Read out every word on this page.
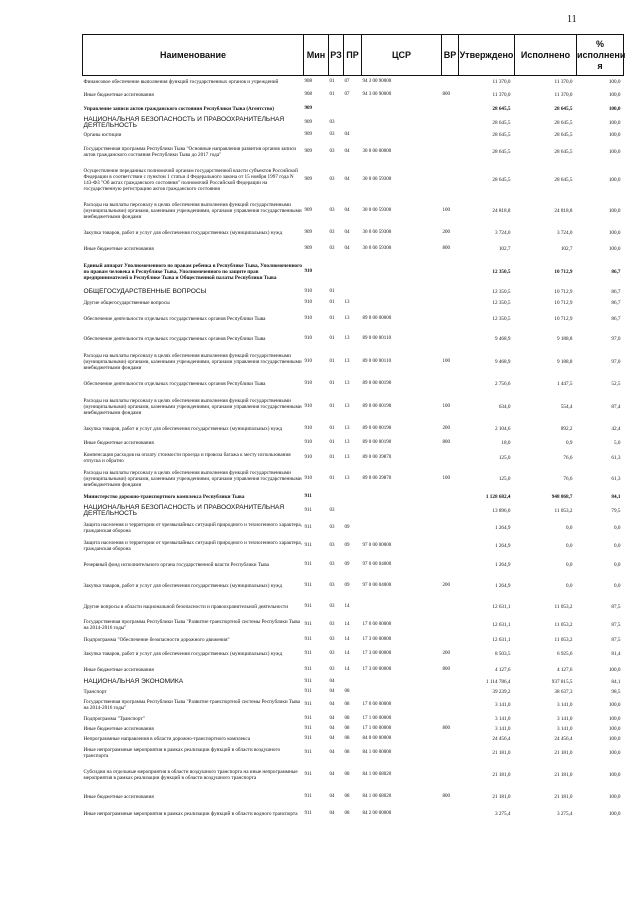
11
Наименование	Мин	РЗ	ПР	ЦСР	ВР	Утверждено	Исполнено	% исполнени я
Финансовое обеспечение выполнения функций государственных органов и учреждений	908	01	07	94 3 00 90000		11 370,0	11 370,0	100,0
Иные бюджетные ассигнования	908	01	07	94 3 00 90000	800	11 370,0	11 370,0	100,0
Управление записи актов гражданского состояния Республики Тыва (Агентство)	909					28 645,5	28 645,5	100,0
НАЦИОНАЛЬНАЯ БЕЗОПАСНОСТЬ И ПРАВООХРАНИТЕЛЬНАЯ ДЕЯТЕЛЬНОСТЬ	909	03				28 645,5	28 645,5	100,0
Органы юстиции	909	03	04			28 645,5	28 645,5	100,0
Государственная программа Республики Тыва "Основные направления развития органов записи актов гражданского состояния Республики Тыва до 2017 года"	909	03	04	30 0 00 00000		28 645,5	28 645,5	100,0
Осуществление переданных полномочий органам государственной власти субъектов Российской Федерации в соответствии с пунктом 1 статьи 4 Федерального закона от 15 ноября 1997 года N 143-ФЗ "Об актах гражданского состояния" полномочий Российской Федерации на государственную регистрацию актов гражданского состояния	909	03	04	30 0 00 59300		28 645,5	28 645,5	100,0
Расходы на выплаты персоналу в целях обеспечения выполнения функций государственными (муниципальными) органами, казенными учреждениями, органами управления государственными внебюджетными фондами	909	03	04	30 0 00 59300	100	24 818,8	24 818,8	100,0
Закупка товаров, работ и услуг для обеспечения государственных (муниципальных) нужд	909	03	04	30 0 00 59300	200	3 724,0	3 724,0	100,0
Иные бюджетные ассигнования	909	03	04	30 0 00 59300	800	102,7	102,7	100,0
Единый аппарат Уполномоченного по правам ребенка в Республике Тыва, Уполномоченного по правам человека в Республике Тыва, Уполномоченного по защите прав предпринимателей в Республике Тыва и Общественной палаты Республики Тыва	910					12 350,5	10 712,9	86,7
ОБЩЕГОСУДАРСТВЕННЫЕ ВОПРОСЫ	910	01				12 350,5	10 712,9	86,7
Другие общегосударственные вопросы	910	01	13			12 350,5	10 712,9	86,7
Обеспечение деятельности отдельных государственных органов Республики Тыва	910	01	13	89 0 00 00000		12 350,5	10 712,9	86,7
Обеспечение деятельности отдельных государственных органов Республики Тыва	910	01	13	89 0 00 00110		9 468,9	9 188,8	97,0
Расходы на выплаты персоналу в целях обеспечения выполнения функций государственными (муниципальными) органами, казенными учреждениями, органами управления государственными внебюджетными фондами	910	01	13	89 0 00 00110	100	9 468,9	9 188,8	97,0
Обеспечение деятельности отдельных государственных органов Республики Тыва	910	01	13	89 0 00 00190		2 756,6	1 447,5	52,5
Расходы на выплаты персоналу в целях обеспечения выполнения функций государственными (муниципальными) органами, казенными учреждениями, органами управления государственными внебюджетными фондами	910	01	13	89 0 00 00190	100	634,0	554,4	87,4
Закупка товаров, работ и услуг для обеспечения государственных (муниципальных) нужд	910	01	13	89 0 00 00190	200	2 104,6	892,2	42,4
Иные бюджетные ассигнования	910	01	13	89 0 00 00190	800	18,0	0,9	5,0
Компенсация расходов на оплату стоимости проезда и провоза багажа к месту использования отпуска и обратно	910	01	13	89 0 00 39870		125,0	76,6	61,3
Расходы на выплаты персоналу в целях обеспечения выполнения функций государственными (муниципальными) органами, казенными учреждениями, органами управления государственными внебюджетными фондами	910	01	13	89 0 00 39870	100	125,0	76,6	61,3
Министерство дорожно-транспортного комплекса Республики Тыва	911					1 128 682,4	948 868,7	84,1
НАЦИОНАЛЬНАЯ БЕЗОПАСНОСТЬ И ПРАВООХРАНИТЕЛЬНАЯ ДЕЯТЕЛЬНОСТЬ	911	03				13 896,0	11 053,2	79,5
Защита населения и территории от чрезвычайных ситуаций природного и техногенного характера, гражданская оборона	911	03	09			1 264,9	0,0	0,0
Защита населения и территории от чрезвычайных ситуаций природного и техногенного характера, гражданская оборона	911	03	09	97 0 00 00000		1 264,9	0,0	0,0
Резервный фонд исполнительного органа государственной власти Республики Тыва	911	03	09	97 0 00 04000		1 264,9	0,0	0,0
Закупка товаров, работ и услуг для обеспечения государственных (муниципальных) нужд	911	03	09	97 0 00 04000	200	1 264,9	0,0	0,0
Другие вопросы в области национальной безопасности и правоохранительной деятельности	911	03	14			12 631,1	11 053,2	87,5
Государственная программа Республики Тыва "Развитие транспортной системы Республики Тыва на 2014-2016 годы"	911	03	14	17 0 00 00000		12 631,1	11 053,2	87,5
Подпрограмма "Обеспечение безопасности дорожного движения"	911	03	14	17 3 00 00000		12 631,1	11 053,2	87,5
Закупка товаров, работ и услуг для обеспечения государственных (муниципальных) нужд	911	03	14	17 3 00 00000	200	8 503,5	6 925,6	81,4
Иные бюджетные ассигнования	911	03	14	17 3 00 00000	800	4 127,6	4 127,6	100,0
НАЦИОНАЛЬНАЯ ЭКОНОМИКА	911	04				1 114 786,4	937 815,5	84,1
Транспорт	911	04	08			39 239,2	38 637,3	98,5
Государственная программа Республики Тыва "Развитие транспортной системы Республики Тыва на 2014-2016 годы"	911	04	08	17 0 00 00000		3 141,0	3 141,0	100,0
Подпрограмма "Транспорт"	911	04	08	17 1 00 00000		3 141,0	3 141,0	100,0
Иные бюджетные ассигнования	911	04	08	17 1 00 00000	800	3 141,0	3 141,0	100,0
Непрограммные направления в области дорожно-транспортного комплекса	911	04	08	84 0 00 00000		24 456,4	24 456,4	100,0
Иные непрограммные мероприятия в рамках реализации функций в области воздушного транспорта	911	04	08	84 1 00 00000		21 181,0	21 181,0	100,0
Субсидии на отдельные мероприятия в области воздушного транспорта на иные непрограммные мероприятия в рамках реализации функций в области воздушного транспорта	911	04	08	84 1 00 68020		21 181,0	21 181,0	100,0
Иные бюджетные ассигнования	911	04	08	84 1 00 68020	800	21 181,0	21 181,0	100,0
Иные непрограммные мероприятия в рамках реализации функций в области водного транспорта	911	04	08	84 2 00 00000		3 275,4	3 275,4	100,0
